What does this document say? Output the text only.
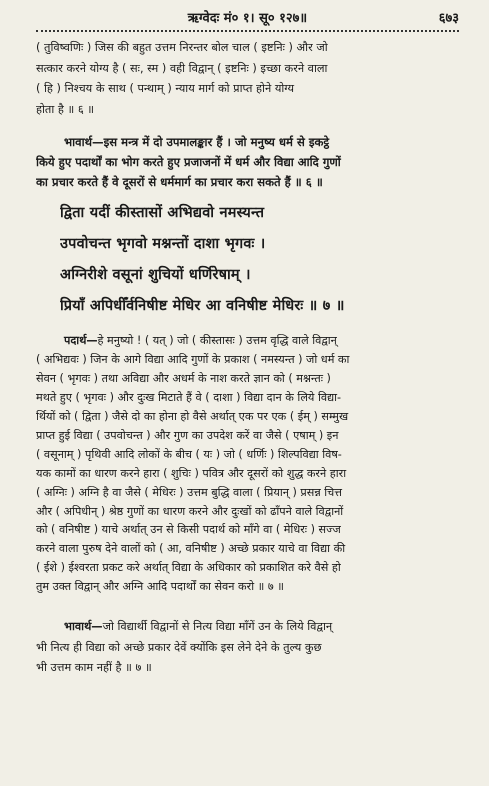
ऋग्वेदः मं० १। सू० १२७॥	६७३
( तुविष्वणिः ) जिस की बहुत उत्तम निरन्तर बोल चाल ( इष्टनिः ) और जो
सत्कार करने योग्य है ( सः, स्म ) वही विद्वान् ( इष्टनिः ) इच्छा करने वाला
( हि ) निश्चय के साथ ( पन्थाम् ) न्याय मार्ग को प्राप्त होने योग्य
होता है ॥ ६ ॥
भावार्थ—इस मन्त्र में दो उपमालङ्कार हैं । जो मनुष्य धर्म से इकट्ठे
किये हुए पदार्थों का भोग करते हुए प्रजाजनों में धर्म और विद्या आदि गुणों
का प्रचार करते हैं वे दूसरों से धर्ममार्ग का प्रचार करा सकते हैं ॥ ६ ॥
द्विता यदीं कीस्तासों अभिद्यवो नमस्यन्त
उपवोचन्त भृगवो मश्नन्तों दाशा भृगवः ।
अग्निरीशे वसूनां शुचियों धर्णिरेषाम् ।
प्रियाँ अपिधीँर्वनिषीष्ट मेधिर आ वनिषीष्ट मेधिरः ॥ ७ ॥
पदार्थ—हे मनुष्यो ! ( यत् ) जो ( कीस्तासः ) उत्तम वृद्धि वाले विद्वान्
( अभिद्यवः ) जिन के आगे विद्या आदि गुणों के प्रकाश ( नमस्यन्त ) जो धर्म का
सेवन ( भृगवः ) तथा अविद्या और अधर्म के नाश करते ज्ञान को ( मश्नन्तः )
मथते हुए ( भृगवः ) और दुःख मिटाते हैं वे ( दाशा ) विद्या दान के लिये विद्या-
र्थियों को ( द्विता ) जैसे दो का होना हो वैसे अर्थात् एक पर एक ( ईम् ) सम्मुख
प्राप्त हुई विद्या ( उपवोचन्त ) और गुण का उपदेश करें वा जैसे ( एषाम् ) इन
( वसूनाम् ) पृथिवी आदि लोकों के बीच ( यः ) जो ( धर्णिः ) शिल्पविद्या विष-
यक कामों का धारण करने हारा ( शुचिः ) पवित्र और दूसरों को शुद्ध करने हारा
( अग्निः ) अग्नि है वा जैसे ( मेधिरः ) उत्तम बुद्धि वाला ( प्रियान् ) प्रसन्न चित्त
और ( अपिधीन् ) श्रेष्ठ गुणों का धारण करने और दुःखों को ढाँपने वाले विद्वानों
को ( वनिषीष्ट ) याचे अर्थात् उन से किसी पदार्थ को माँगे वा ( मेधिरः ) सज्ज
करने वाला पुरुष देने वालों को ( आ, वनिषीष्ट ) अच्छे प्रकार याचे वा विद्या की
( ईशे ) ईश्वरता प्रकट करे अर्थात् विद्या के अधिकार को प्रकाशित करे वैसे हो
तुम उक्त विद्वान् और अग्नि आदि पदार्थों का सेवन करो ॥ ७ ॥
भावार्थ—जो विद्यार्थी विद्वानों से नित्य विद्या माँगें उन के लिये विद्वान्
भी नित्य ही विद्या को अच्छे प्रकार देवें क्योंकि इस लेने देने के तुल्य कुछ
भी उत्तम काम नहीं है ॥ ७ ॥
